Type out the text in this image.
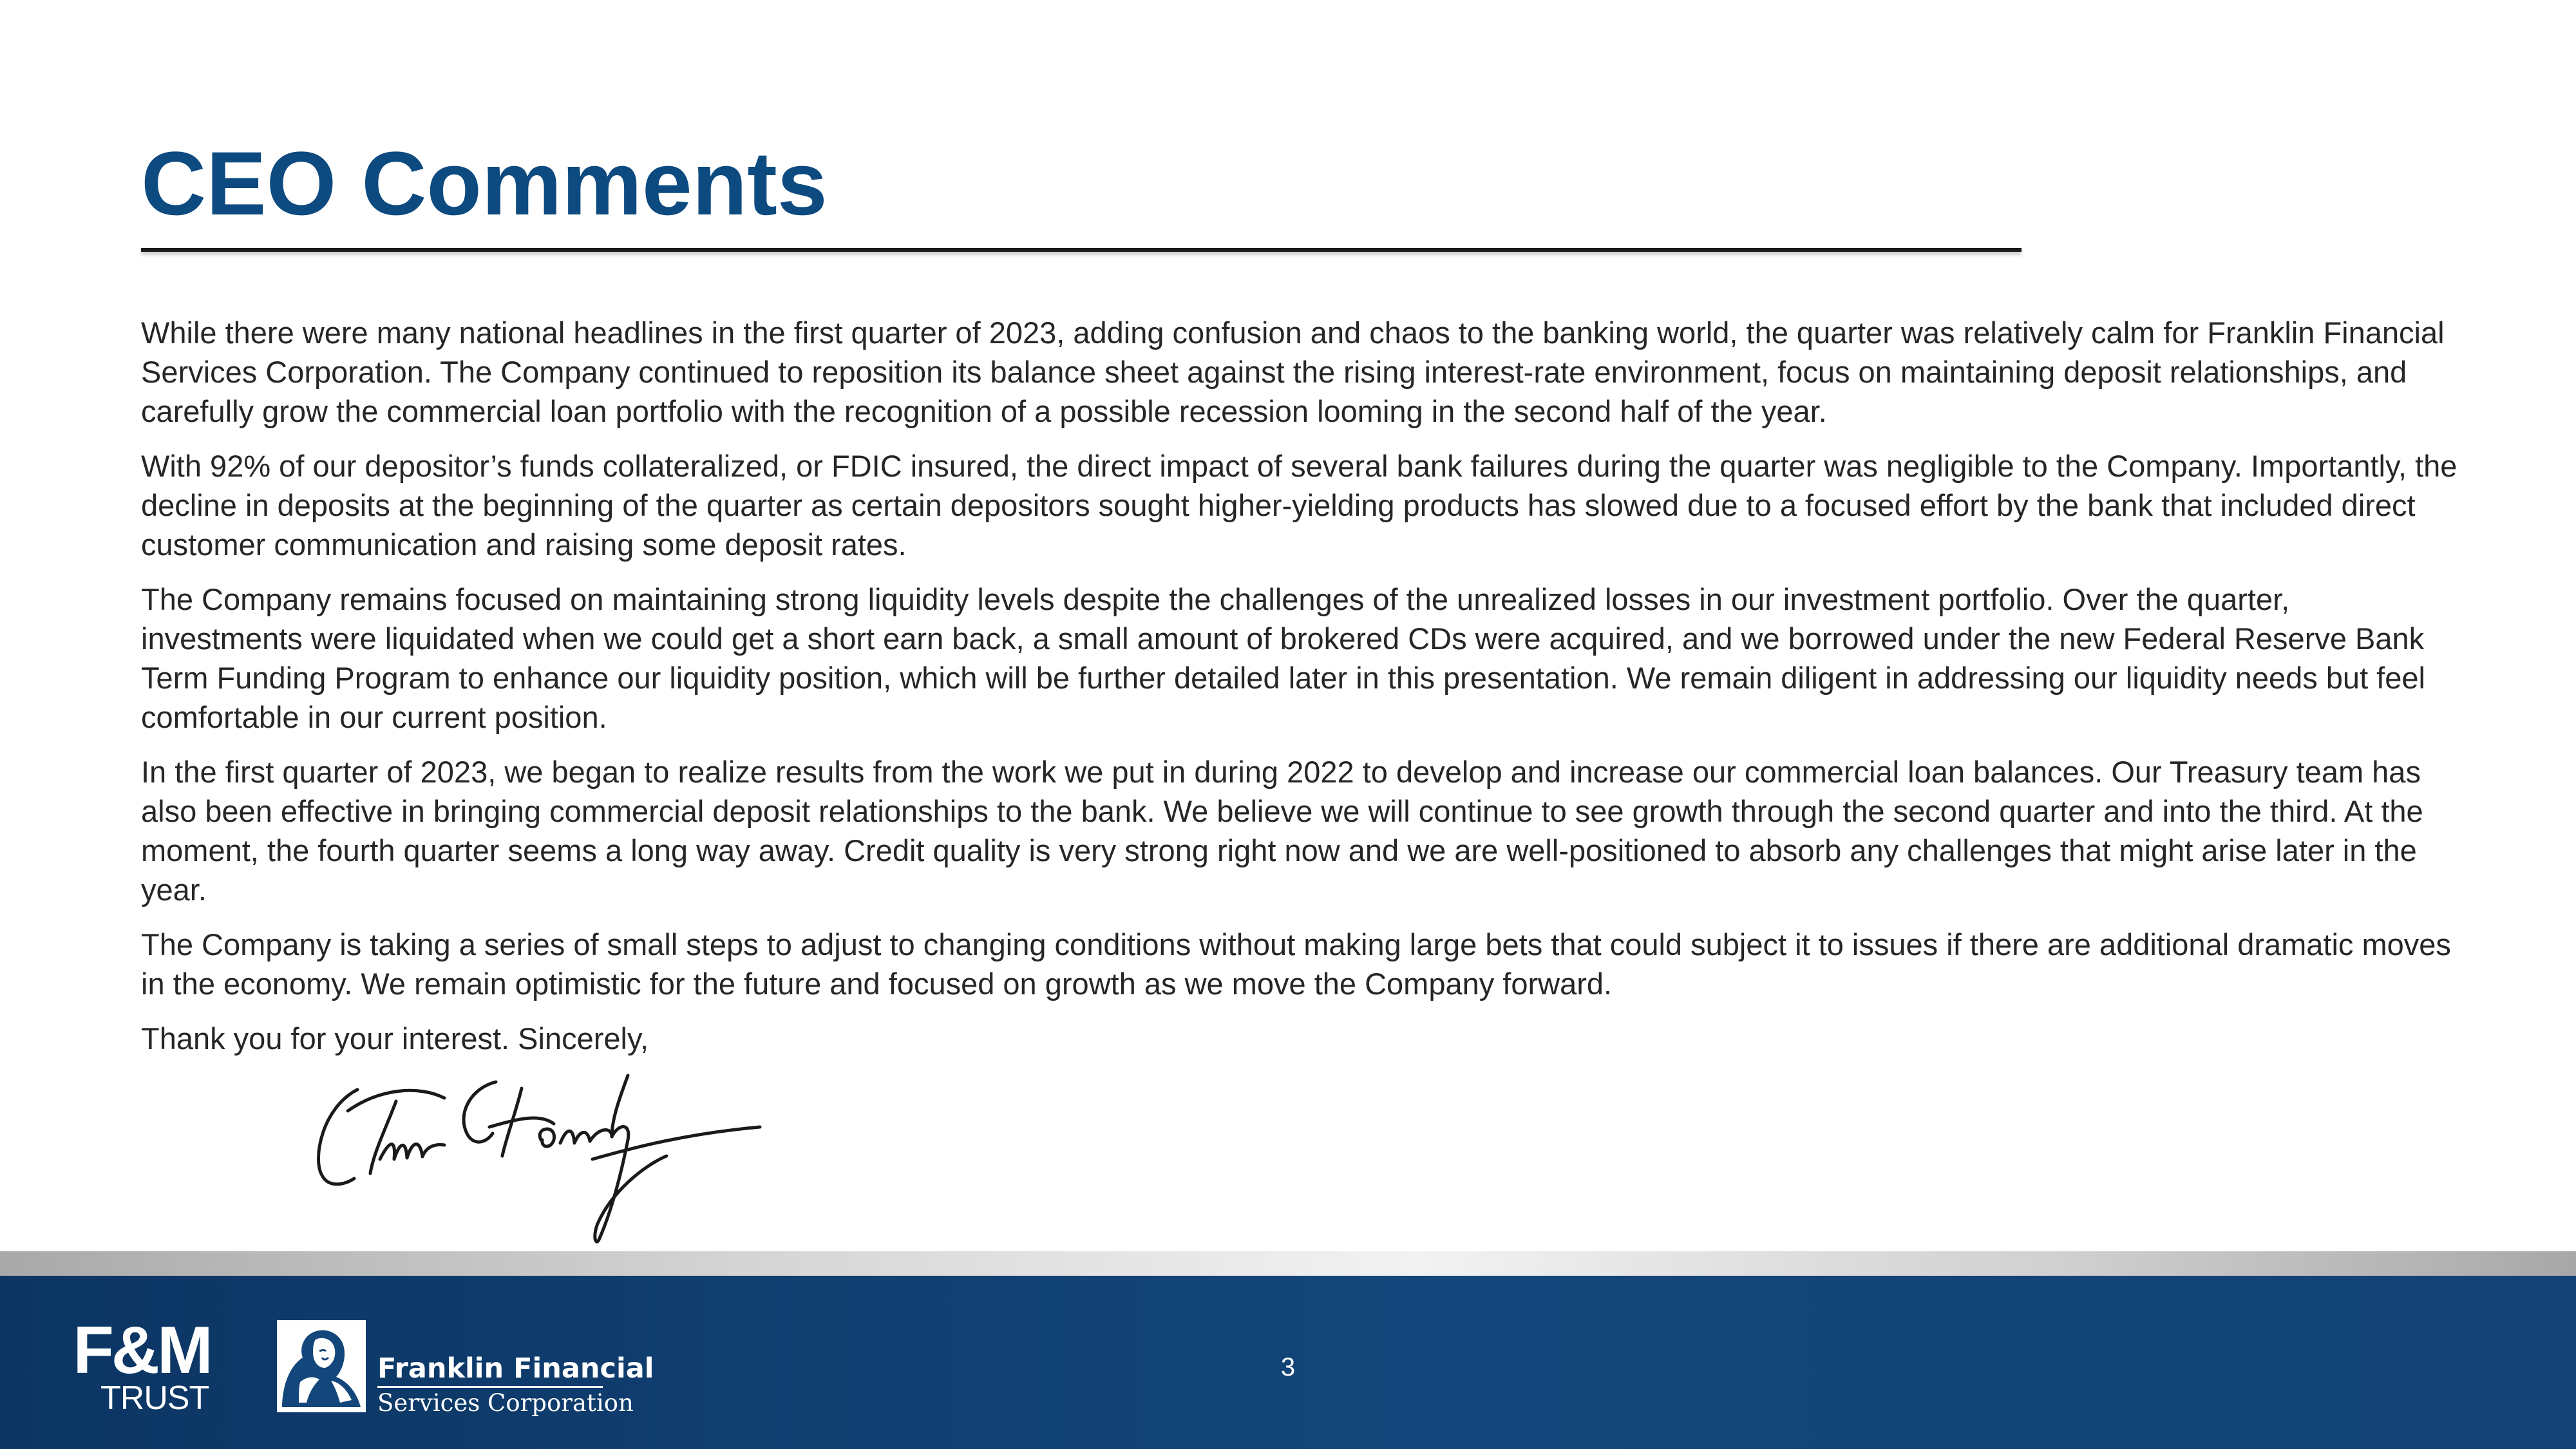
CEO Comments

While there were many national headlines in the first quarter of 2023, adding confusion and chaos to the banking world, the quarter was relatively calm for Franklin Financial Services Corporation. The Company continued to reposition its balance sheet against the rising interest-rate environment, focus on maintaining deposit relationships, and carefully grow the commercial loan portfolio with the recognition of a possible recession looming in the second half of the year.

With 92% of our depositor’s funds collateralized, or FDIC insured, the direct impact of several bank failures during the quarter was negligible to the Company. Importantly, the decline in deposits at the beginning of the quarter as certain depositors sought higher-yielding products has slowed due to a focused effort by the bank that included direct customer communication and raising some deposit rates.

The Company remains focused on maintaining strong liquidity levels despite the challenges of the unrealized losses in our investment portfolio. Over the quarter, investments were liquidated when we could get a short earn back, a small amount of brokered CDs were acquired, and we borrowed under the new Federal Reserve Bank Term Funding Program to enhance our liquidity position, which will be further detailed later in this presentation. We remain diligent in addressing our liquidity needs but feel comfortable in our current position.

In the first quarter of 2023, we began to realize results from the work we put in during 2022 to develop and increase our commercial loan balances. Our Treasury team has also been effective in bringing commercial deposit relationships to the bank. We believe we will continue to see growth through the second quarter and into the third. At the moment, the fourth quarter seems a long way away. Credit quality is very strong right now and we are well-positioned to absorb any challenges that might arise later in the year.

The Company is taking a series of small steps to adjust to changing conditions without making large bets that could subject it to issues if there are additional dramatic moves in the economy. We remain optimistic for the future and focused on growth as we move the Company forward.

Thank you for your interest. Sincerely,

F&M
TRUST
Franklin Financial
Services Corporation
3
